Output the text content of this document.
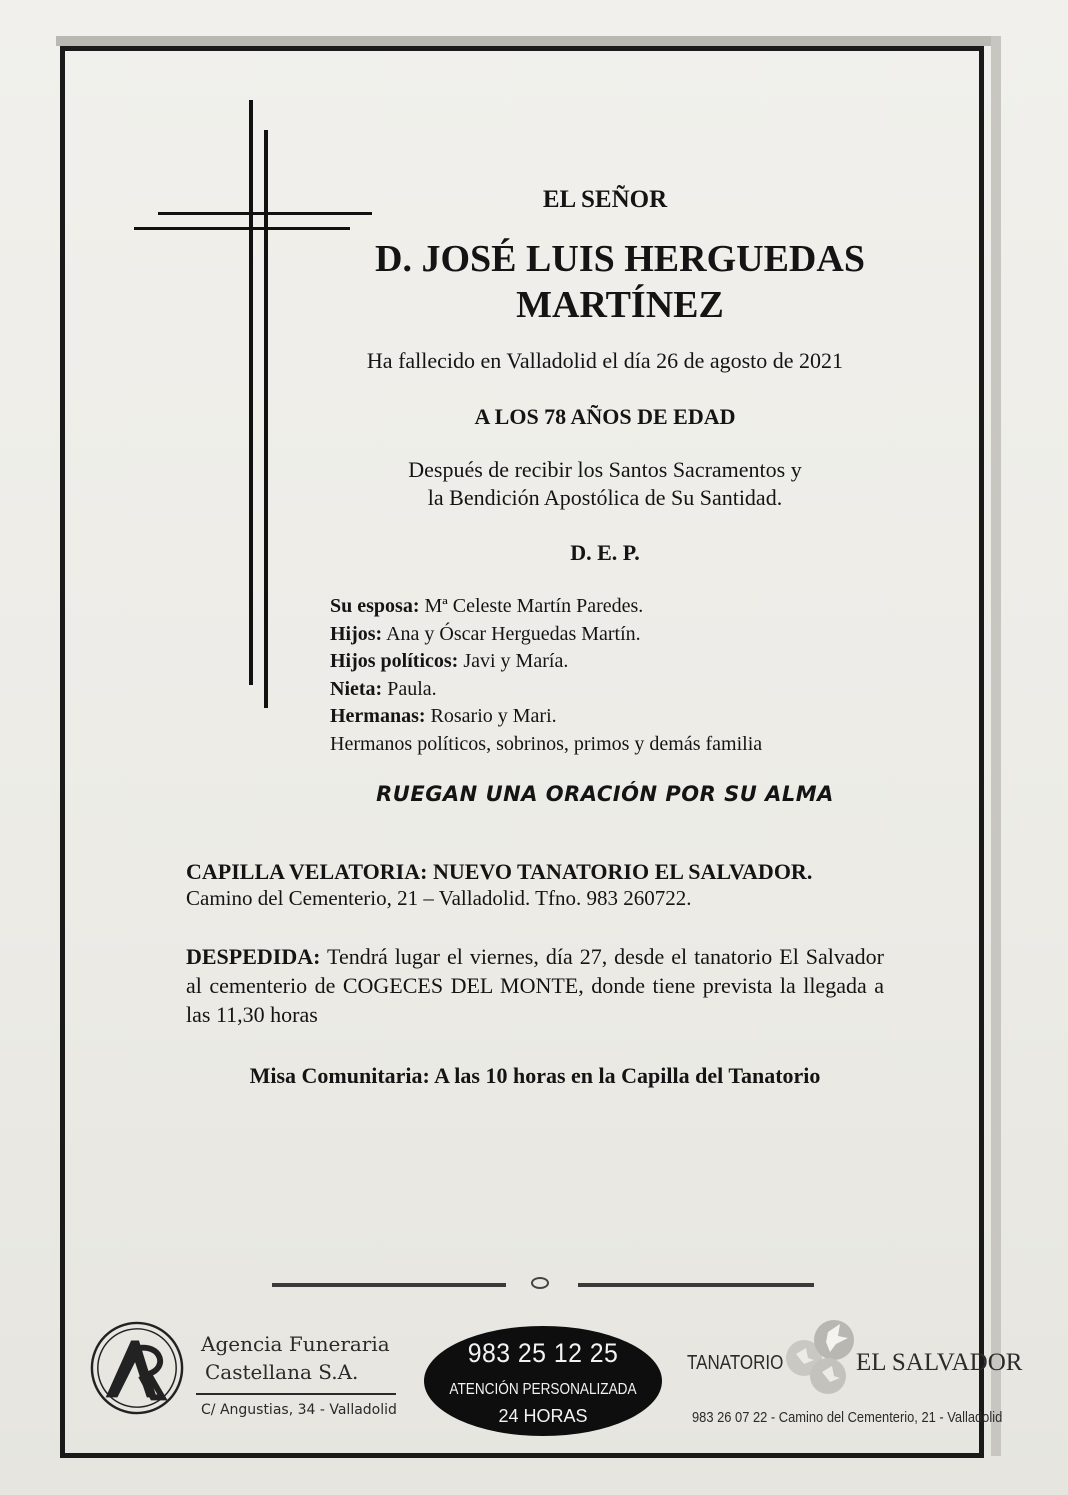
EL SEÑOR
D. JOSÉ LUIS HERGUEDAS
MARTÍNEZ
Ha fallecido en Valladolid el día 26 de agosto de 2021
A LOS 78 AÑOS DE EDAD
Después de recibir los Santos Sacramentos y
la Bendición Apostólica de Su Santidad.
D. E. P.
Su esposa: Mª Celeste Martín Paredes.
Hijos: Ana y Óscar Herguedas Martín.
Hijos políticos: Javi y María.
Nieta: Paula.
Hermanas: Rosario y Mari.
Hermanos políticos, sobrinos, primos y demás familia
RUEGAN UNA ORACIÓN POR SU ALMA
CAPILLA VELATORIA: NUEVO TANATORIO EL SALVADOR.
Camino del Cementerio, 21 – Valladolid. Tfno. 983 260722.
DESPEDIDA: Tendrá lugar el viernes, día 27, desde el tanatorio El Salvador al cementerio de COGECES DEL MONTE, donde tiene prevista la llegada a las 11,30 horas
Misa Comunitaria: A las 10 horas en la Capilla del Tanatorio
Agencia Funeraria
Castellana S.A.
C/ Angustias, 34 - Valladolid
983 25 12 25
ATENCIÓN PERSONALIZADA
24 HORAS
TANATORIO	EL SALVADOR
983 26 07 22 - Camino del Cementerio, 21 - Valladolid
